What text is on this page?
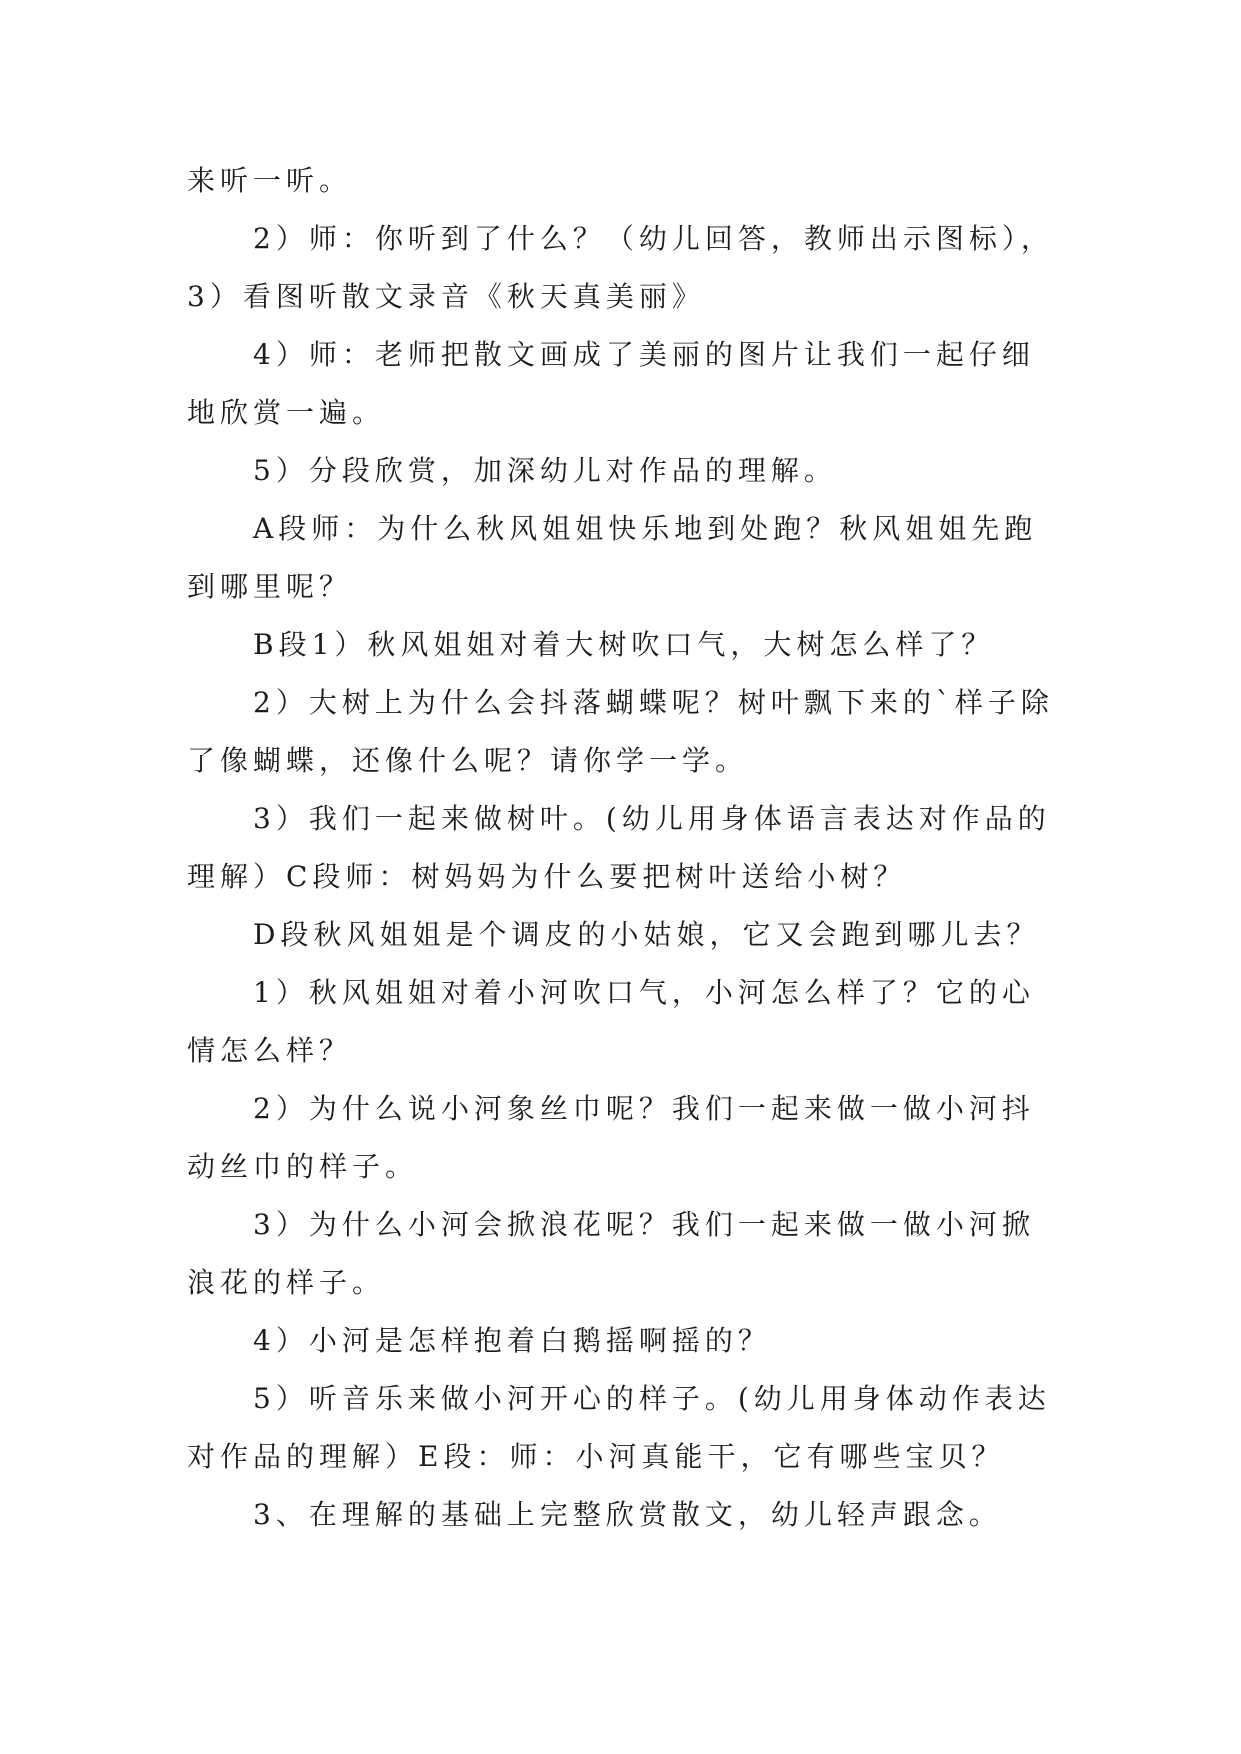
来听一听。
2）师：你听到了什么？（幼儿回答，教师出示图标），
3）看图听散文录音《秋天真美丽》
4）师：老师把散文画成了美丽的图片让我们一起仔细
地欣赏一遍。
5）分段欣赏，加深幼儿对作品的理解。
A段师：为什么秋风姐姐快乐地到处跑？秋风姐姐先跑
到哪里呢？
B段1）秋风姐姐对着大树吹口气，大树怎么样了？
2）大树上为什么会抖落蝴蝶呢？树叶飘下来的`样子除
了像蝴蝶，还像什么呢？请你学一学。
3）我们一起来做树叶。(幼儿用身体语言表达对作品的
理解）C段师：树妈妈为什么要把树叶送给小树？
D段秋风姐姐是个调皮的小姑娘，它又会跑到哪儿去？
1）秋风姐姐对着小河吹口气，小河怎么样了？它的心
情怎么样？
2）为什么说小河象丝巾呢？我们一起来做一做小河抖
动丝巾的样子。
3）为什么小河会掀浪花呢？我们一起来做一做小河掀
浪花的样子。
4）小河是怎样抱着白鹅摇啊摇的？
5）听音乐来做小河开心的样子。(幼儿用身体动作表达
对作品的理解）E段：师：小河真能干，它有哪些宝贝？
3、在理解的基础上完整欣赏散文，幼儿轻声跟念。
